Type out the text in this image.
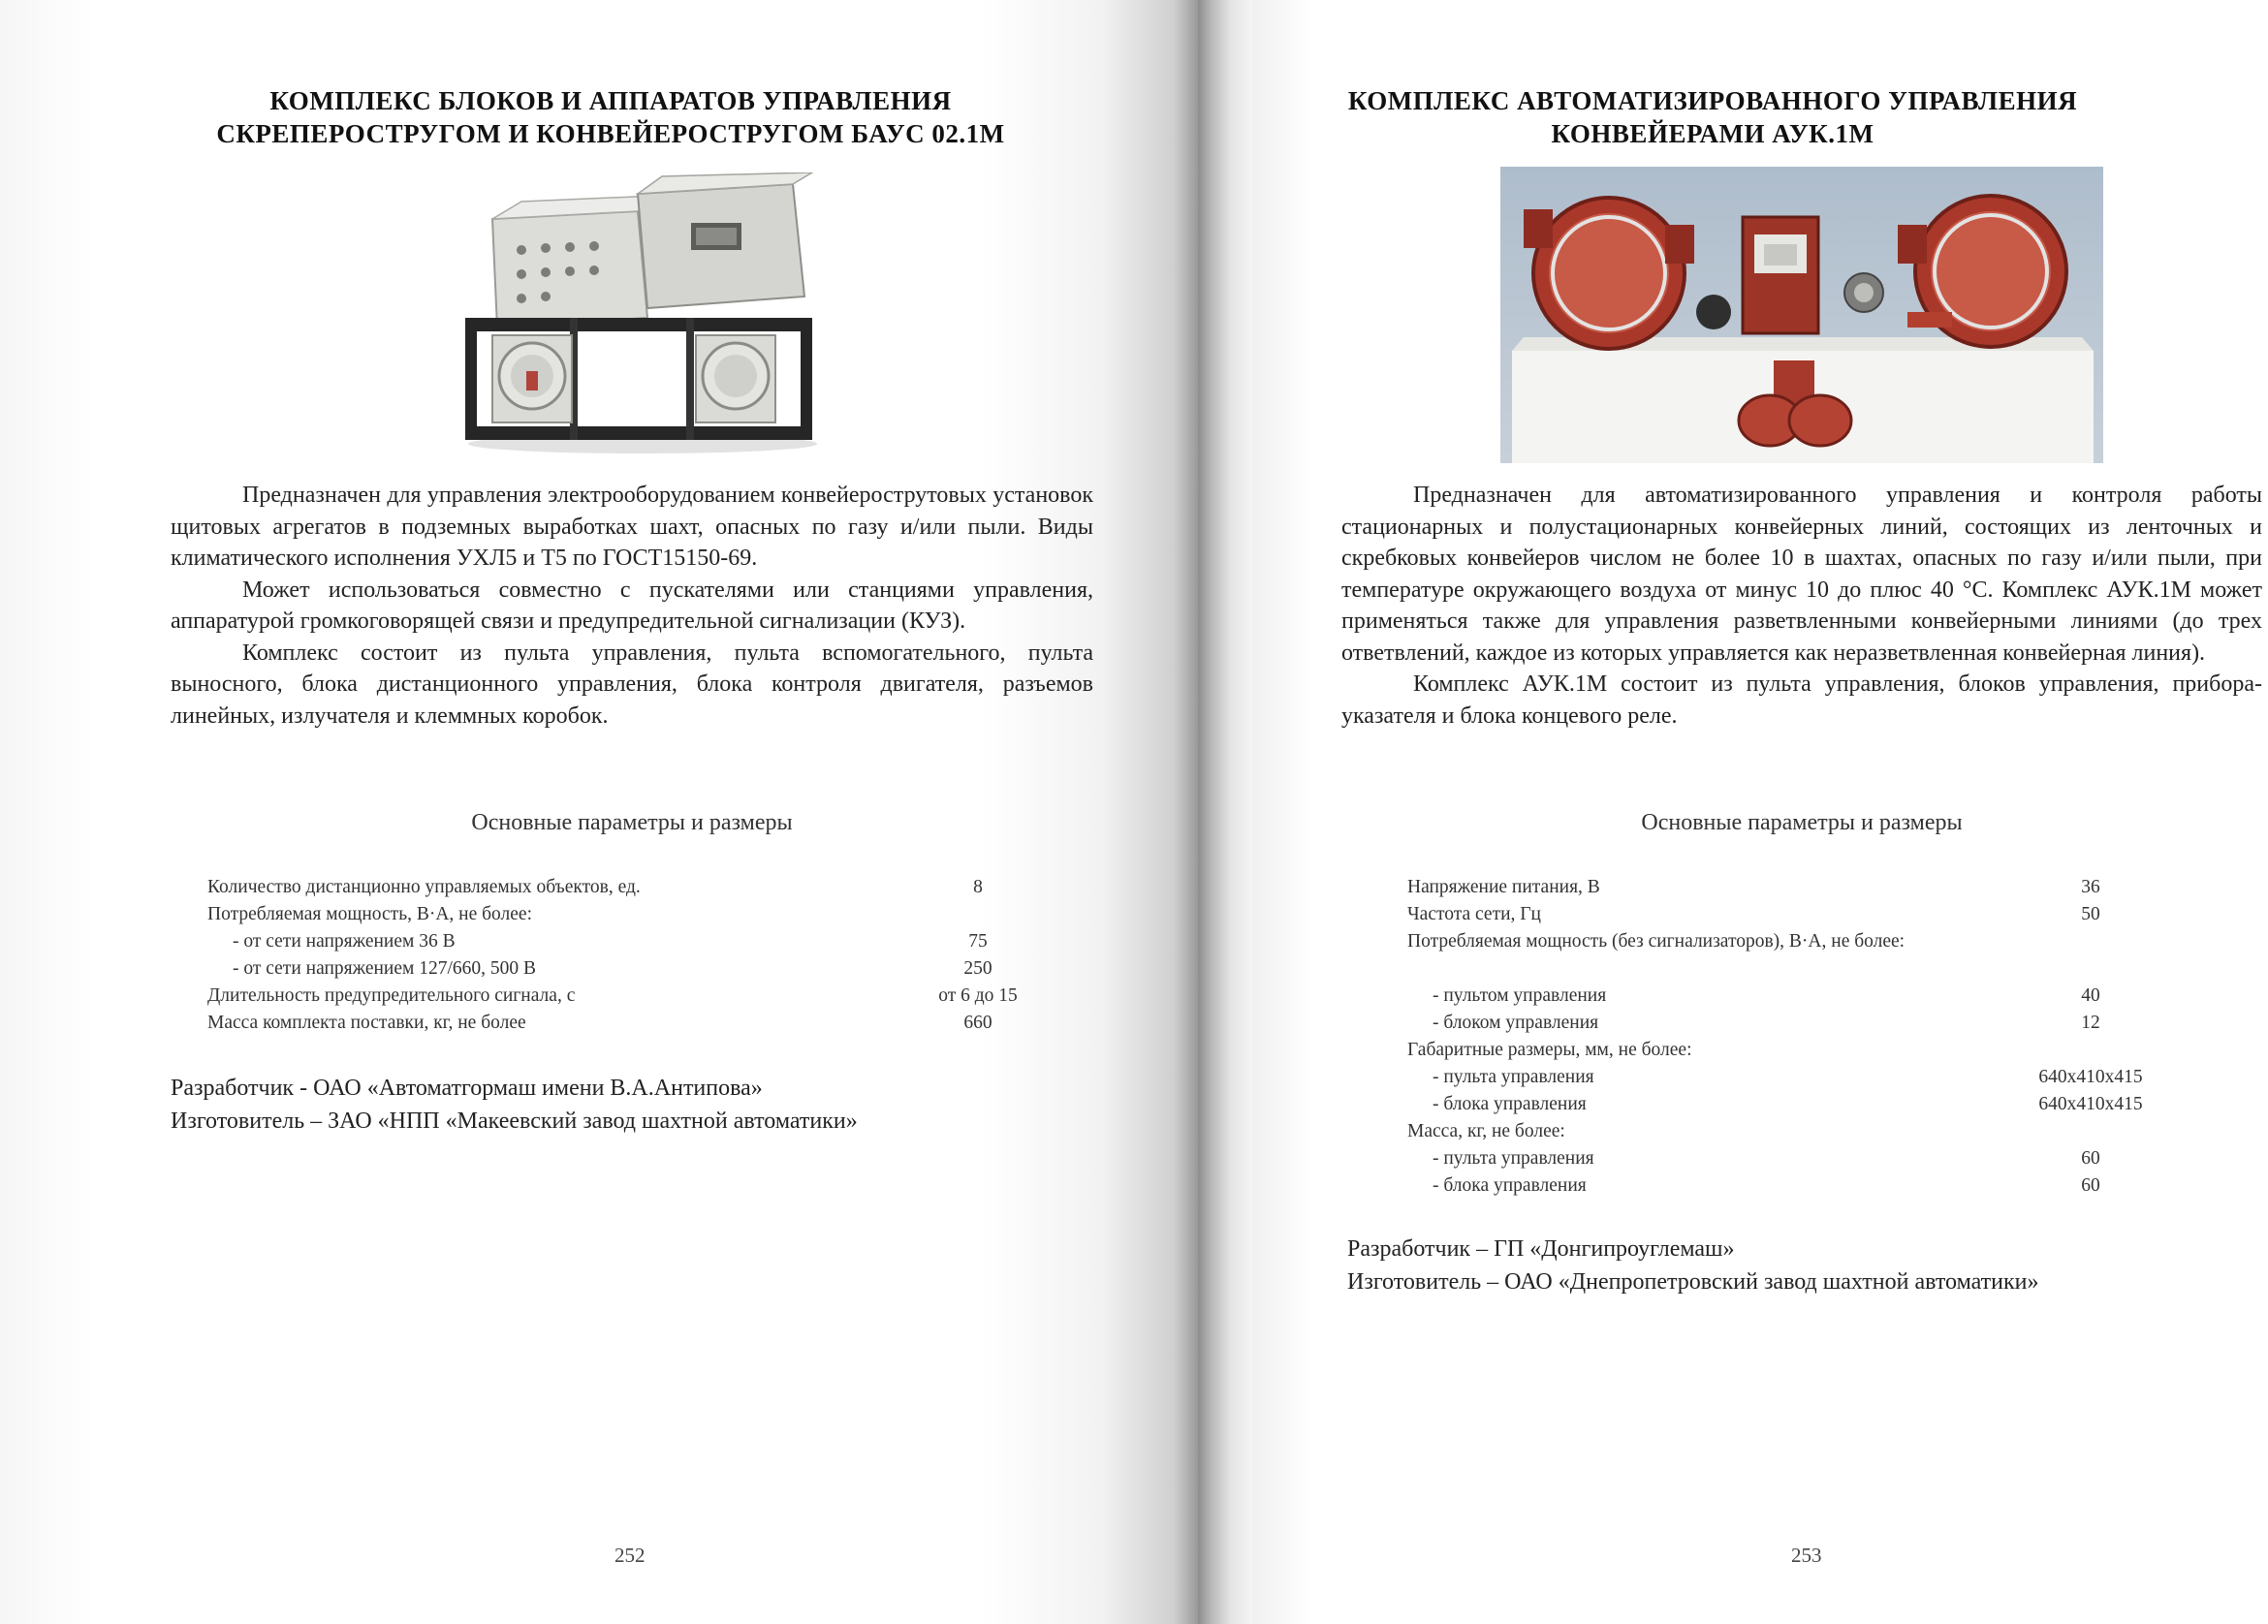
КОМПЛЕКС БЛОКОВ И АППАРАТОВ УПРАВЛЕНИЯ
СКРЕПЕРОСТРУГОМ И КОНВЕЙЕРОСТРУГОМ БАУС 02.1М

Предназначен для управления электрооборудованием конвейерострутовых установок щитовых агрегатов в подземных выработках шахт, опасных по газу и/или пыли. Виды климатического исполнения УХЛ5 и Т5 по ГОСТ15150-69.

Может использоваться совместно с пускателями или станциями управления, аппаратурой громкоговорящей связи и предупредительной сигнализации (КУЗ).

Комплекс состоит из пульта управления, пульта вспомогательного, пульта выносного, блока дистанционного управления, блока контроля двигателя, разъемов линейных, излучателя и клеммных коробок.

Основные параметры и размеры
Количество дистанционно управляемых объектов, ед.	8
Потребляемая мощность, В·А, не более:
- от сети напряжением 36 В	75
- от сети напряжением 127/660, 500 В	250
Длительность предупредительного сигнала, с	от 6 до 15
Масса комплекта поставки, кг, не более	660
Разработчик - ОАО «Автоматгормаш имени В.А.Антипова»
Изготовитель – ЗАО «НПП «Макеевский завод шахтной автоматики»
252
КОМПЛЕКС АВТОМАТИЗИРОВАННОГО УПРАВЛЕНИЯ
КОНВЕЙЕРАМИ АУК.1М

Предназначен для автоматизированного управления и контроля работы стационарных и полустационарных конвейерных линий, состоящих из ленточных и скребковых конвейеров числом не более 10 в шахтах, опасных по газу и/или пыли, при температуре окружающего воздуха от минус 10 до плюс 40 °С. Комплекс АУК.1М может применяться также для управления разветвленными конвейерными линиями (до трех ответвлений, каждое из которых управляется как неразветвленная конвейерная линия).

Комплекс АУК.1М состоит из пульта управления, блоков управления, прибора-указателя и блока концевого реле.

Основные параметры и размеры
Напряжение питания, В	36
Частота сети, Гц	50
Потребляемая мощность (без сигнализаторов), В·А, не более:
- пультом управления	40
- блоком управления	12
Габаритные размеры, мм, не более:
- пульта управления	640x410x415
- блока управления	640x410x415
Масса, кг, не более:
- пульта управления	60
- блока управления	60
Разработчик – ГП «Донгипроуглемаш»
Изготовитель – ОАО «Днепропетровский завод шахтной автоматики»
253
